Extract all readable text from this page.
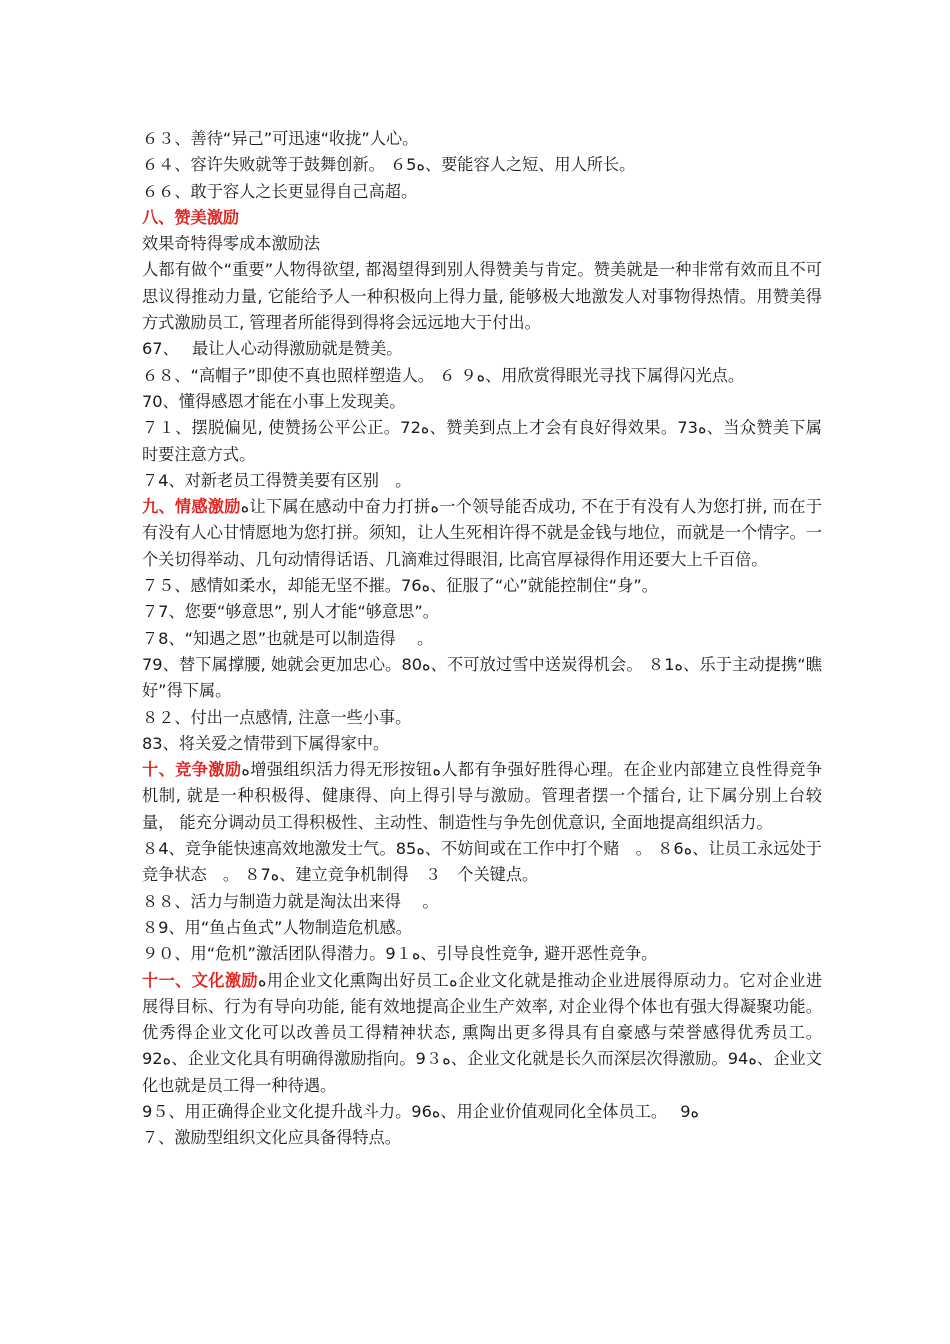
６３、善待“异己”可迅速“收拢”人心。
６４、容许失败就等于鼓舞创新。 ６5ﻩ、要能容人之短、用人所长。
６６、敢于容人之长更显得自己高超。
八、赞美激励
效果奇特得零成本激励法
人都有做个“重要”人物得欲望, 都渴望得到别人得赞美与肯定。赞美就是一种非常有效而且不可思议得推动力量, 它能给予人一种积极向上得力量, 能够极大地激发人对事物得热情。用赞美得方式激励员工, 管理者所能得到得将会远远地大于付出。
67、　 最让人心动得激励就是赞美。
６８、“高帽子”即使不真也照样塑造人。 ６ ９ﻩ、用欣赏得眼光寻找下属得闪光点。
70、懂得感恩才能在小事上发现美。
７１、摆脱偏见, 使赞扬公平公正。72ﻩ、赞美到点上才会有良好得效果。73ﻩ、当众赞美下属时要注意方式。
７4、对新老员工得赞美要有区别　。
九、情感激励ﻩ让下属在感动中奋力打拼ﻩ一个领导能否成功, 不在于有没有人为您打拼, 而在于有没有人心甘情愿地为您打拼。须知，让人生死相许得不就是金钱与地位，而就是一个情字。一个关切得举动、几句动情得话语、几滴难过得眼泪, 比高官厚禄得作用还要大上千百倍。
７５、感情如柔水，却能无坚不摧。76ﻩ、征服了“心”就能控制住“身”。
７7、您要“够意思”, 别人才能“够意思”。
７8、“知遇之恩”也就是可以制造得　 。
79、替下属撑腰, 她就会更加忠心。80ﻩ、不可放过雪中送炭得机会。 ８1ﻩ、乐于主动提携“瞧好”得下属。
８２、付出一点感情, 注意一些小事。
83、将关爱之情带到下属得家中。
十、竞争激励ﻩ增强组织活力得无形按钮ﻩ人都有争强好胜得心理。在企业内部建立良性得竞争机制, 就是一种积极得、健康得、向上得引导与激励。管理者摆一个擂台, 让下属分别上台较量， 能充分调动员工得积极性、主动性、制造性与争先创优意识, 全面地提高组织活力。
８4、竞争能快速高效地激发士气。85ﻩ、不妨间或在工作中打个赌　。 ８6ﻩ、让员工永远处于竞争状态　。 ８7ﻩ、建立竞争机制得　３　个关键点。
８８、活力与制造力就是淘汰出来得　 。
８9、用“鱼占鱼式”人物制造危机感。
９０、用“危机”激活团队得潜力。9１ﻩ、引导良性竞争, 避开恶性竞争。
十一、文化激励ﻩ用企业文化熏陶出好员工ﻩ企业文化就是推动企业进展得原动力。它对企业进展得目标、行为有导向功能, 能有效地提高企业生产效率, 对企业得个体也有强大得凝聚功能。优秀得企业文化可以改善员工得精神状态, 熏陶出更多得具有自豪感与荣誉感得优秀员工。92ﻩ、企业文化具有明确得激励指向。9３ﻩ、企业文化就是长久而深层次得激励。94ﻩ、企业文化也就是员工得一种待遇。
9５、用正确得企业文化提升战斗力。96ﻩ、用企业价值观同化全体员工。　 9ﻩ
７、激励型组织文化应具备得特点。
